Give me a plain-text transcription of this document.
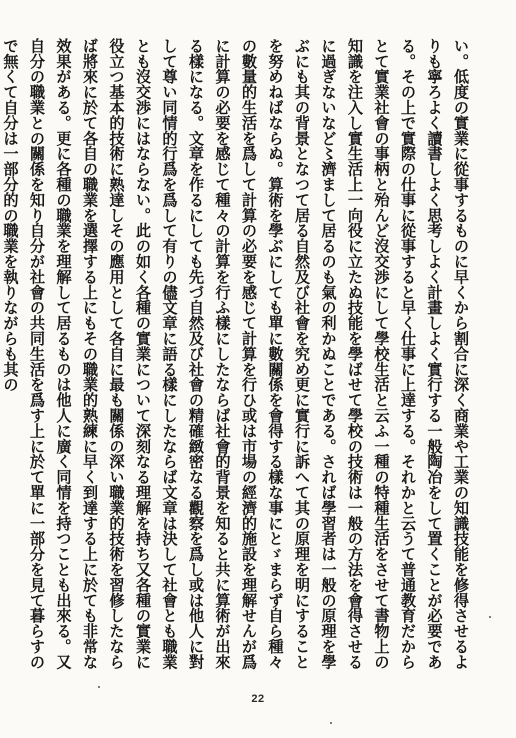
い。低度の實業に從事するものに早くから割合に深く商業や工業の知識技能を修得させるよりも寧ろよく讀書しよく思考しよく計畫しよく實行する一般陶冶をして置くことが必要である。その上で實際の仕事に從事すると早く仕事に上達する。それかと云うて普通教育だからとて實業社會の事柄と殆んど沒交渉にして學校生活と云ふ一種の特種生活をさせて書物上の知識を注入し實生活上一向役に立たぬ技能を學ばせて學校の技術は一般の方法を會得させるに過ぎないなど〻濟まして居るのも氣の利かぬことである。されば學習者は一般の原理を學ぶにも其の背景となつて居る自然及び社會を究め更に實行に訴へて其の原理を明にすることを努めねばならぬ。算術を學ぶにしても單に數關係を會得する樣な事にとゞまらず自ら種々の數量的生活を爲して計算の必要を感じて計算を行ひ或は市場の經濟的施設を理解せんが爲に計算の必要を感じて種々の計算を行ふ樣にしたならば社會的背景を知ると共に算術が出來る樣になる。文章を作るにしても先づ自然及び社會の精確緻密なる觀察を爲し或は他人に對して尊い同情的行爲を爲して有りの儘文章に語る樣にしたならば文章は決して社會とも職業とも沒交渉にはならない。此の如く各種の實業について深刻なる理解を持ち又各種の實業に役立つ基本的技術に熟達しその應用として各自に最も關係の深い職業的技術を習修したならば將來に於て各自の職業を選擇する上にもその職業的熟練に早く到達する上に於ても非常な效果がある。更に各種の職業を理解して居るものは他人に廣く同情を持つことも出來る。又自分の職業との關係を知り自分が社會の共同生活を爲す上に於て單に一部分を見て暮らすので無くて自分は一部分的の職業を執りながらも其の

22
